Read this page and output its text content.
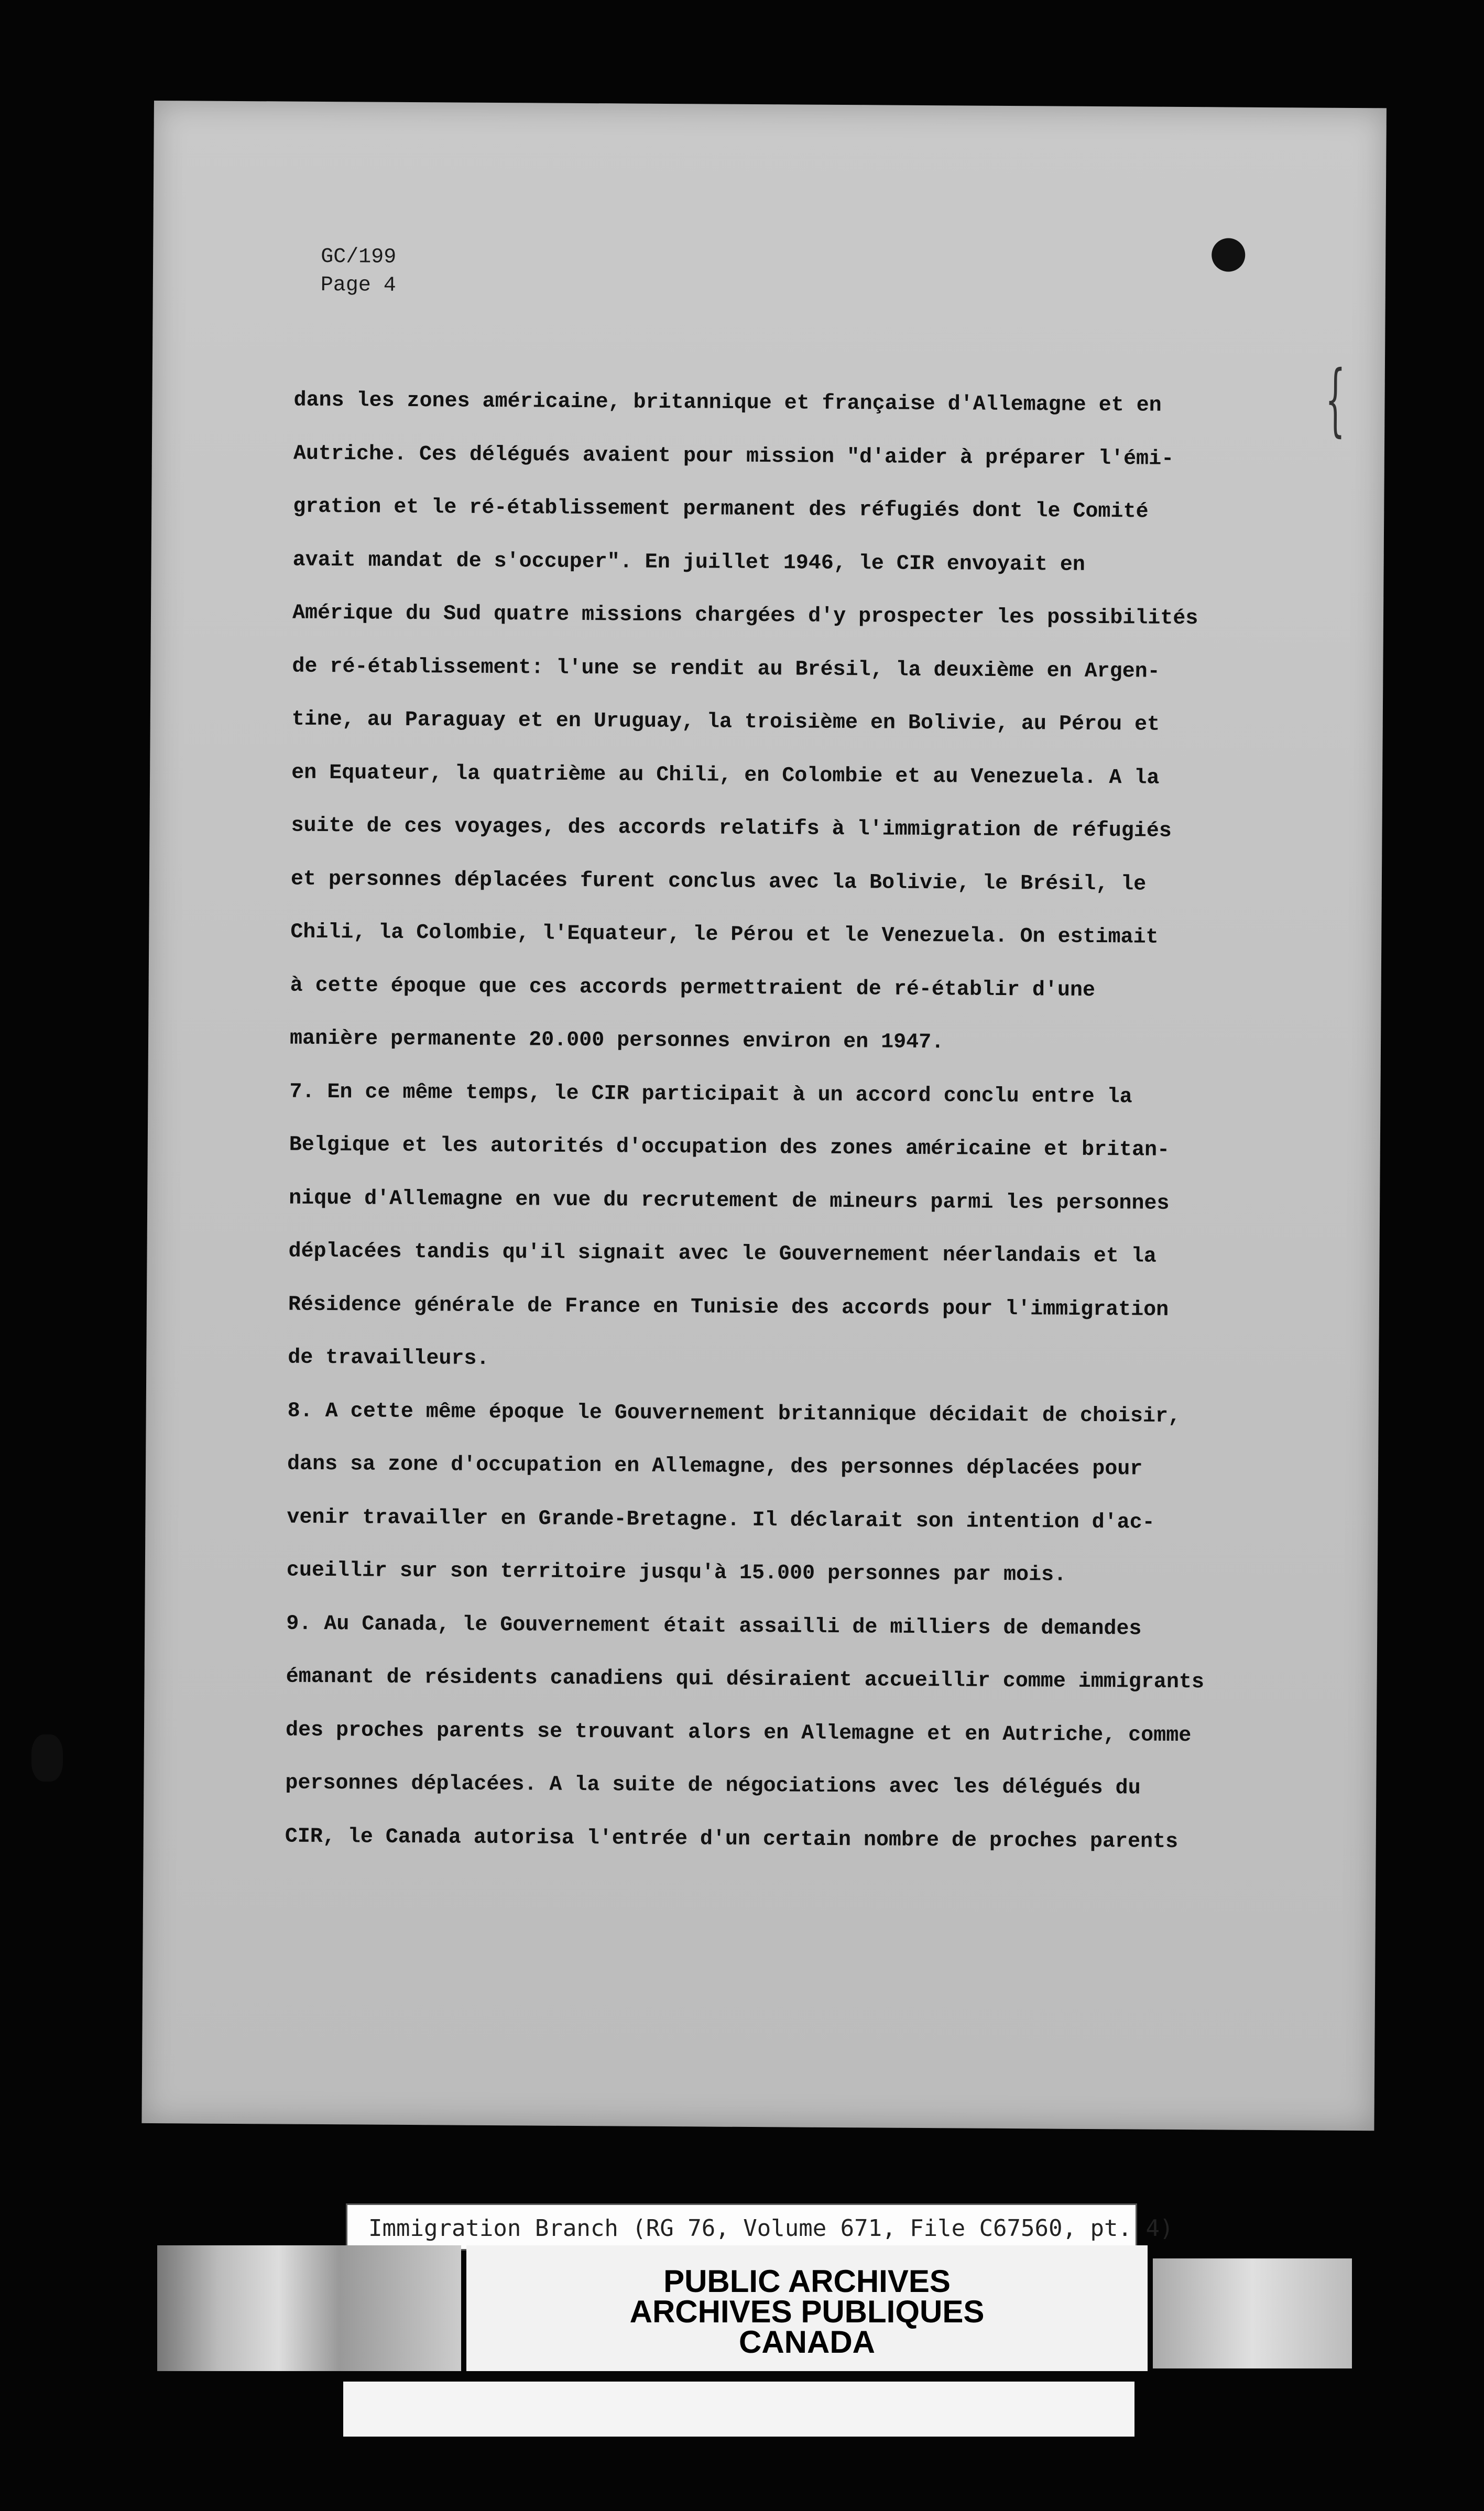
GC/199
Page 4
{
dans les zones américaine, britannique et française d'Allemagne et en
Autriche. Ces délégués avaient pour mission "d'aider à préparer l'émi-
gration et le ré-établissement permanent des réfugiés dont le Comité
avait mandat de s'occuper". En juillet 1946, le CIR envoyait en
Amérique du Sud quatre missions chargées d'y prospecter les possibilités
de ré-établissement: l'une se rendit au Brésil, la deuxième en Argen-
tine, au Paraguay et en Uruguay, la troisième en Bolivie, au Pérou et
en Equateur, la quatrième au Chili, en Colombie et au Venezuela. A la
suite de ces voyages, des accords relatifs à l'immigration de réfugiés
et personnes déplacées furent conclus avec la Bolivie, le Brésil, le
Chili, la Colombie, l'Equateur, le Pérou et le Venezuela. On estimait
à cette époque que ces accords permettraient de ré-établir d'une
manière permanente 20.000 personnes environ en 1947.
7. En ce même temps, le CIR participait à un accord conclu entre la
Belgique et les autorités d'occupation des zones américaine et britan-
nique d'Allemagne en vue du recrutement de mineurs parmi les personnes
déplacées tandis qu'il signait avec le Gouvernement néerlandais et la
Résidence générale de France en Tunisie des accords pour l'immigration
de travailleurs.
8. A cette même époque le Gouvernement britannique décidait de choisir,
dans sa zone d'occupation en Allemagne, des personnes déplacées pour
venir travailler en Grande-Bretagne. Il déclarait son intention d'ac-
cueillir sur son territoire jusqu'à 15.000 personnes par mois.
9. Au Canada, le Gouvernement était assailli de milliers de demandes
émanant de résidents canadiens qui désiraient accueillir comme immigrants
des proches parents se trouvant alors en Allemagne et en Autriche, comme
personnes déplacées. A la suite de négociations avec les délégués du
CIR, le Canada autorisa l'entrée d'un certain nombre de proches parents
Immigration Branch (RG 76, Volume 671, File C67560, pt. 4)
PUBLIC ARCHIVES
ARCHIVES PUBLIQUES
CANADA
